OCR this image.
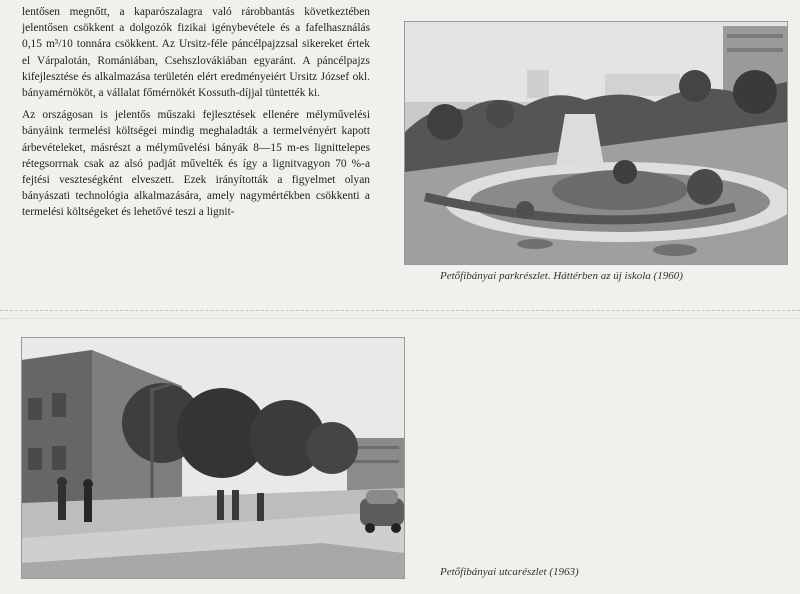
lentősen megnőtt, a kaparószalagra való rárobbantás következtében jelentősen csökkent a dolgozók fizikai igénybevétele és a fafelhasználás 0,15 m³/10 tonnára csökkent. Az Ursitz-féle páncélpajzzsal sikereket értek el Várpalotán, Romániában, Csehszlovákiában egyaránt. A páncélpajzs kifejlesztése és alkalmazása területén elért eredményeiért Ursitz József okl. bányamérnököt, a vállalat főmérnökét Kossuth-díjjal tüntették ki.

Az országosan is jelentős műszaki fejlesztések ellenére mélyművelési bányáink termelési költségei mindig meghaladták a termelvényért kapott árbevételeket, másrészt a mélyművelési bányák 8—15 m-es lignittelepes rétegsorrnak csak az alsó padját művelték és így a lignitvagyon 70 %-a fejtési veszteségként elveszett. Ezek irányították a figyelmet olyan bányászati technológia alkalmazására, amely nagymértékben csökkenti a termelési költségeket és lehetővé teszi a lignit-

Petőfibányai parkrészlet. Háttérben az új iskola (1960)
Petőfibányai utcarészlet (1963)
